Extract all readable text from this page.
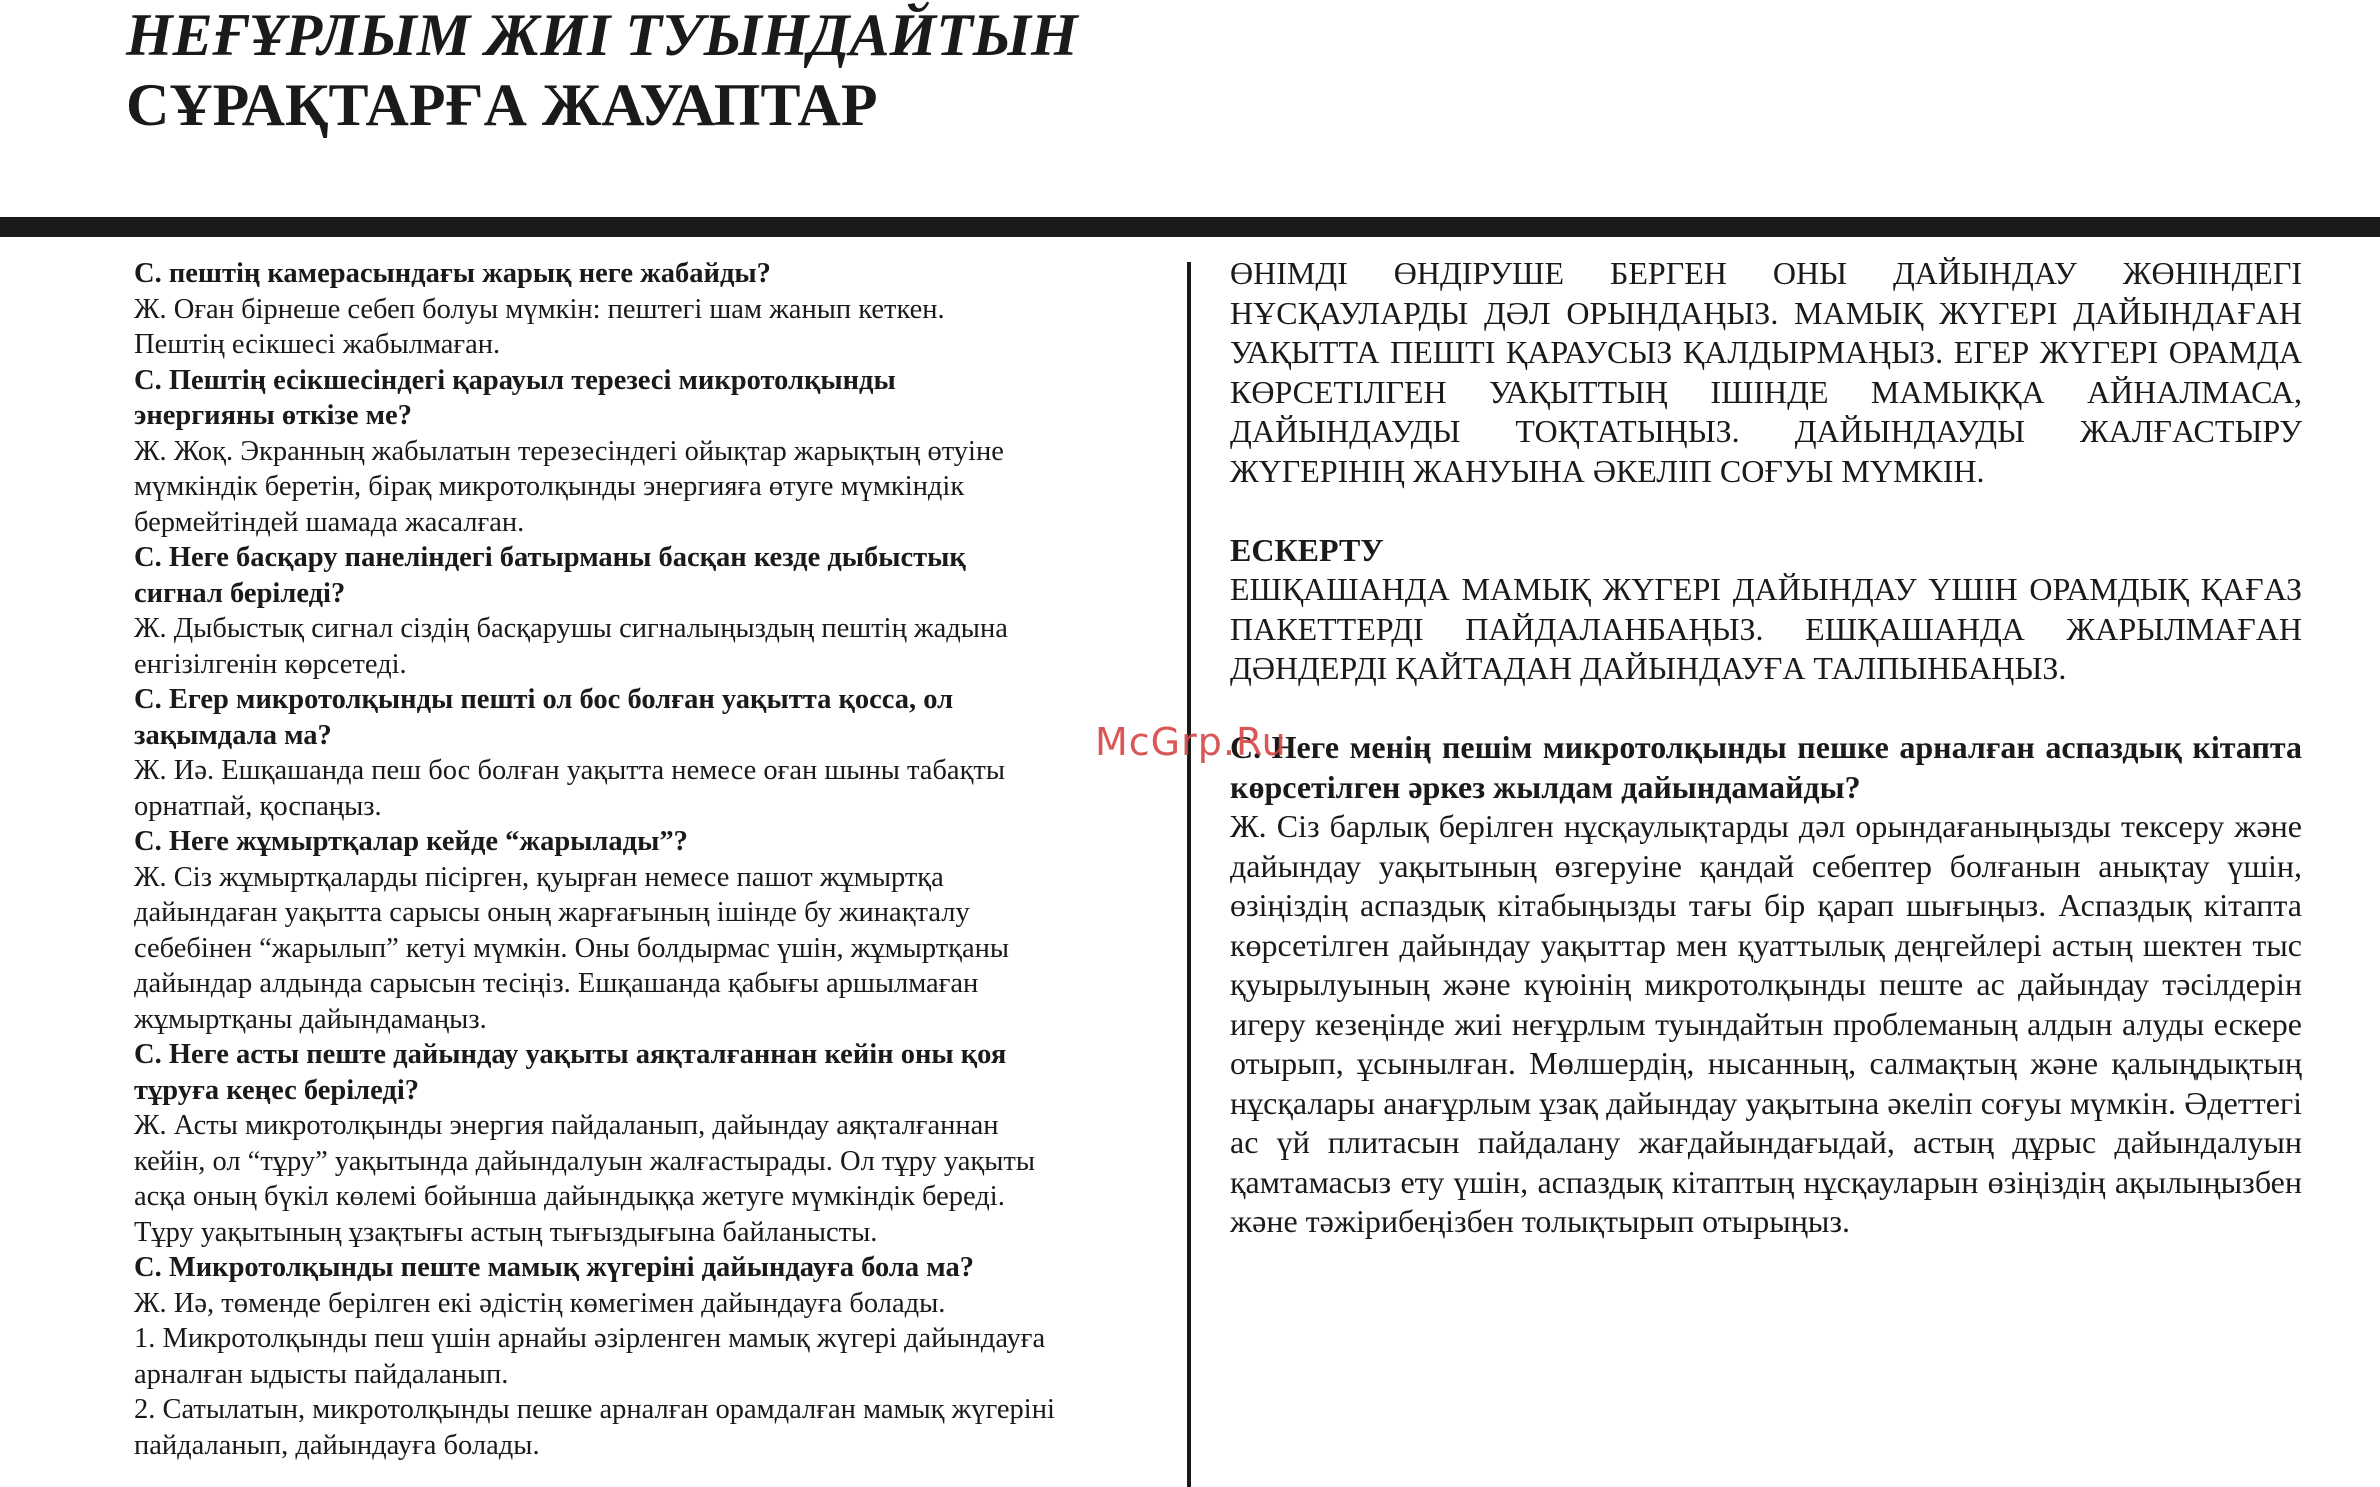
НЕҒҰРЛЫМ ЖИІ ТУЫНДАЙТЫН
СҰРАҚТАРҒА ЖАУАПТАР

С. пештің камерасындағы жарық неге жабайды?

Ж. Оған бірнеше себеп болуы мүмкін: пештегі шам жанып кеткен.

Пештің есікшесі жабылмаған.

С. Пештің есікшесіндегі қарауыл терезесі микротолқынды

энергияны өткізе ме?

Ж. Жоқ. Экранның жабылатын терезесіндегі ойықтар жарықтың өтуіне

мүмкіндік беретін, бірақ микротолқынды энергияға өтуге мүмкіндік

бермейтіндей шамада жасалған.

С. Неге басқару панеліндегі батырманы басқан кезде дыбыстық

сигнал беріледі?

Ж. Дыбыстық сигнал сіздің басқарушы сигналыңыздың пештің жадына

енгізілгенін көрсетеді.

С. Егер микротолқынды пешті ол бос болған уақытта қосса, ол

зақымдала ма?

Ж. Иә. Ешқашанда пеш бос болған уақытта немесе оған шыны табақты

орнатпай, қоспаңыз.

С. Неге жұмыртқалар кейде “жарылады”?

Ж. Сіз жұмыртқаларды пісірген, қуырған немесе пашот жұмыртқа

дайындаған уақытта сарысы оның жарғағының ішінде бу жинақталу

себебінен “жарылып” кетуі мүмкін. Оны болдырмас үшін, жұмыртқаны

дайындар алдында сарысын тесіңіз. Ешқашанда қабығы аршылмаған

жұмыртқаны дайындамаңыз.

С. Неге асты пеште дайындау уақыты аяқталғаннан кейін оны қоя

тұруға кеңес беріледі?

Ж. Асты микротолқынды энергия пайдаланып, дайындау аяқталғаннан

кейін, ол “тұру” уақытында дайындалуын жалғастырады. Ол тұру уақыты

асқа оның бүкіл көлемі бойынша дайындыққа жетуге мүмкіндік береді.

Тұру уақытының ұзақтығы астың тығыздығына байланысты.

С. Микротолқынды пеште мамық жүгеріні дайындауға бола ма?

Ж. Иә, төменде берілген екі әдістің көмегімен дайындауға болады.

1. Микротолқынды пеш үшін арнайы әзірленген мамық жүгері дайындауға

арналған ыдысты пайдаланып.

2. Сатылатын, микротолқынды пешке арналған орамдалған мамық жүгеріні

пайдаланып, дайындауға болады.

ӨНІМДІ ӨНДІРУШЕ БЕРГЕН ОНЫ ДАЙЫНДАУ ЖӨНІНДЕГІ НҰСҚАУЛАРДЫ ДӘЛ ОРЫНДАҢЫЗ. МАМЫҚ ЖҮГЕРІ ДАЙЫНДАҒАН УАҚЫТТА ПЕШТІ ҚАРАУСЫЗ ҚАЛДЫРМАҢЫЗ. ЕГЕР ЖҮГЕРІ ОРАМДА КӨРСЕТІЛГЕН УАҚЫТТЫҢ ІШІНДЕ МАМЫҚҚА АЙНАЛМАСА, ДАЙЫНДАУДЫ ТОҚТАТЫҢЫЗ. ДАЙЫНДАУДЫ ЖАЛҒАСТЫРУ ЖҮГЕРІНІҢ ЖАНУЫНА ӘКЕЛІП СОҒУЫ МҮМКІН.

ЕСКЕРТУ

ЕШҚАШАНДА МАМЫҚ ЖҮГЕРІ ДАЙЫНДАУ ҮШІН ОРАМДЫҚ ҚАҒАЗ ПАКЕТТЕРДІ ПАЙДАЛАНБАҢЫЗ. ЕШҚАШАНДА ЖАРЫЛМАҒАН ДӘНДЕРДІ ҚАЙТАДАН ДАЙЫНДАУҒА ТАЛПЫНБАҢЫЗ.

С. Неге менің пешім микротолқынды пешке арналған аспаздық кітапта көрсетілген әркез жылдам дайындамайды?

Ж. Сіз барлық берілген нұсқаулықтарды дәл орындағаныңызды тексеру және дайындау уақытының өзгеруіне қандай себептер болғанын анықтау үшін, өзіңіздің аспаздық кітабыңызды тағы бір қарап шығыңыз. Аспаздық кітапта көрсетілген дайындау уақыттар мен қуаттылық деңгейлері астың шектен тыс қуырылуының және күюінің микротолқынды пеште ас дайындау тәсілдерін игеру кезеңінде жиі неғұрлым туындайтын проблеманың алдын алуды ескере отырып, ұсынылған. Мөлшердің, нысанның, салмақтың және қалыңдықтың нұсқалары анағұрлым ұзақ дайындау уақытына әкеліп соғуы мүмкін. Әдеттегі ас үй плитасын пайдалану жағдайындағыдай, астың дұрыс дайындалуын қамтамасыз ету үшін, аспаздық кітаптың нұсқауларын өзіңіздің ақылыңызбен және тәжірибеңізбен толықтырып отырыңыз.

McGrp.Ru
